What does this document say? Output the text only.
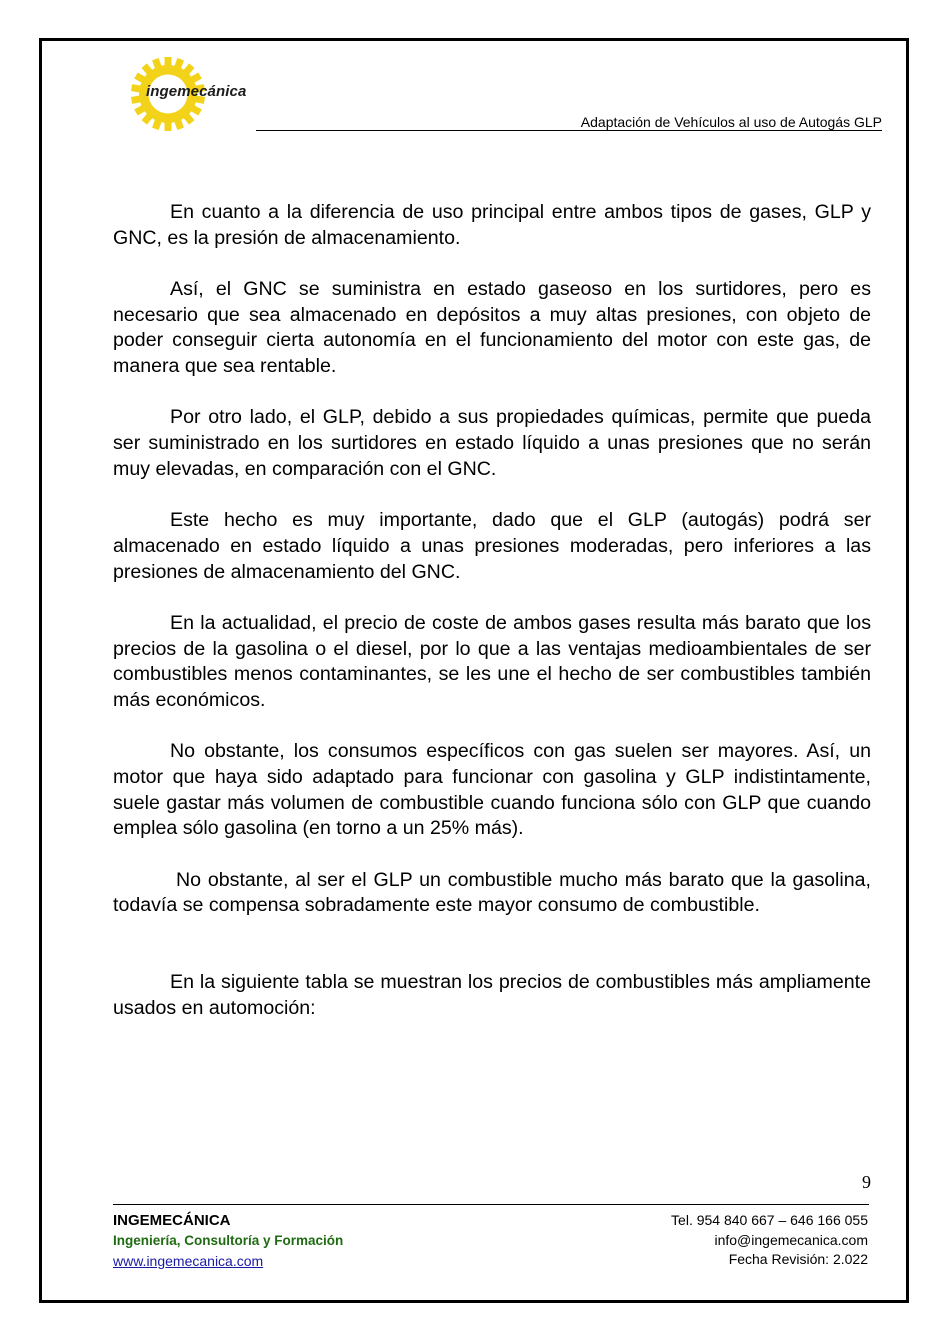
ingemecánica
Adaptación de Vehículos al uso de Autogás GLP

En cuanto a la diferencia de uso principal entre ambos tipos de gases, GLP y GNC, es la presión de almacenamiento.

Así, el GNC se suministra en estado gaseoso en los surtidores, pero es necesario que sea almacenado en depósitos a muy altas presiones, con objeto de poder conseguir cierta autonomía en el funcionamiento del motor con este gas, de manera que sea rentable.

Por otro lado, el GLP, debido a sus propiedades químicas, permite que pueda ser suministrado en los surtidores en estado líquido a unas presiones que no serán muy elevadas, en comparación con el GNC.

Este hecho es muy importante, dado que el GLP (autogás) podrá ser almacenado en estado líquido a unas presiones moderadas, pero inferiores a las presiones de almacenamiento del GNC.

En la actualidad, el precio de coste de ambos gases resulta más barato que los precios de la gasolina o el diesel, por lo que a las ventajas medioambientales de ser combustibles menos contaminantes, se les une el hecho de ser combustibles también más económicos.

No obstante, los consumos específicos con gas suelen ser mayores. Así, un motor que haya sido adaptado para funcionar con gasolina y GLP indistintamente, suele gastar más volumen de combustible cuando funciona sólo con GLP que cuando emplea sólo gasolina (en torno a un 25% más).

No obstante, al ser el GLP un combustible mucho más barato que la gasolina, todavía se compensa sobradamente este mayor consumo de combustible.

En la siguiente tabla se muestran los precios de combustibles más ampliamente usados en automoción:

9
INGEMECÁNICA
Ingeniería, Consultoría y Formación
www.ingemecanica.com
Tel. 954 840 667 – 646 166 055
info@ingemecanica.com
Fecha Revisión: 2.022
